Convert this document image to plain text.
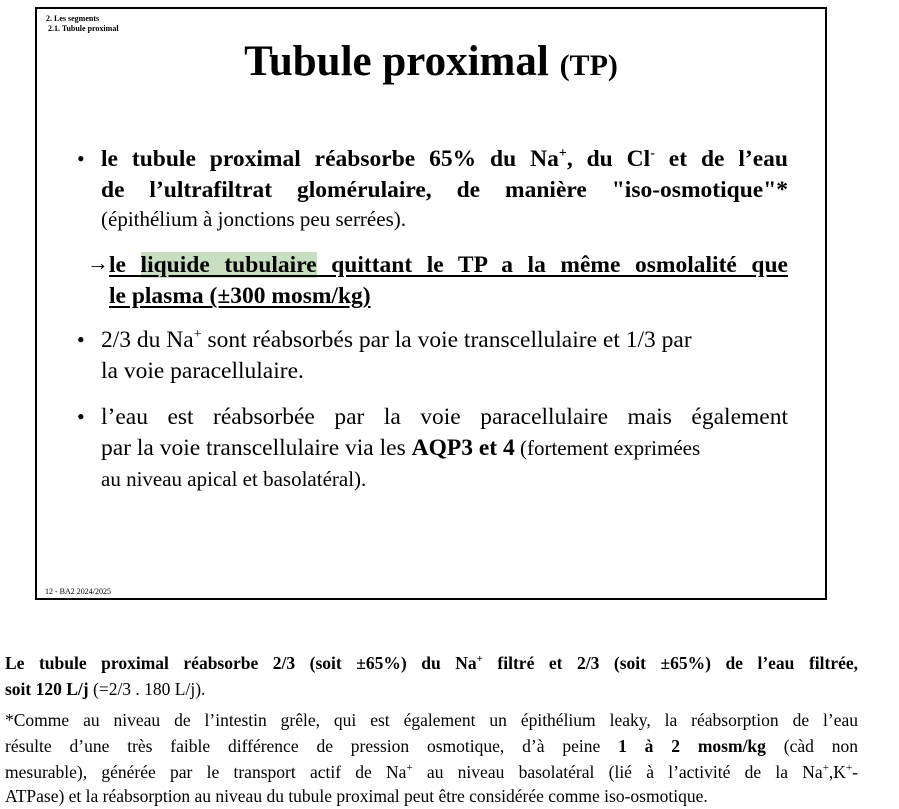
2. Les segments
2.1. Tubule proximal
Tubule proximal (TP)
• le tubule proximal réabsorbe 65% du Na+, du Cl- et de l’eau
de l’ultrafiltrat glomérulaire, de manière "iso-osmotique"*
(épithélium à jonctions peu serrées).
→ le liquide tubulaire quittant le TP a la même osmolalité que
le plasma (±300 mosm/kg)
• 2/3 du Na+ sont réabsorbés par la voie transcellulaire et 1/3 par
la voie paracellulaire.
• l’eau est réabsorbée par la voie paracellulaire mais également
par la voie transcellulaire via les AQP3 et 4 (fortement exprimées
au niveau apical et basolatéral).
12 - BA2 2024/2025
Le tubule proximal réabsorbe 2/3 (soit ±65%) du Na+ filtré et 2/3 (soit ±65%) de l’eau filtrée,
soit 120 L/j (=2/3 . 180 L/j).
*Comme au niveau de l’intestin grêle, qui est également un épithélium leaky, la réabsorption de l’eau
résulte d’une très faible différence de pression osmotique, d’à peine 1 à 2 mosm/kg (càd non
mesurable), générée par le transport actif de Na+ au niveau basolatéral (lié à l’activité de la Na+,K+-
ATPase) et la réabsorption au niveau du tubule proximal peut être considérée comme iso-osmotique.
